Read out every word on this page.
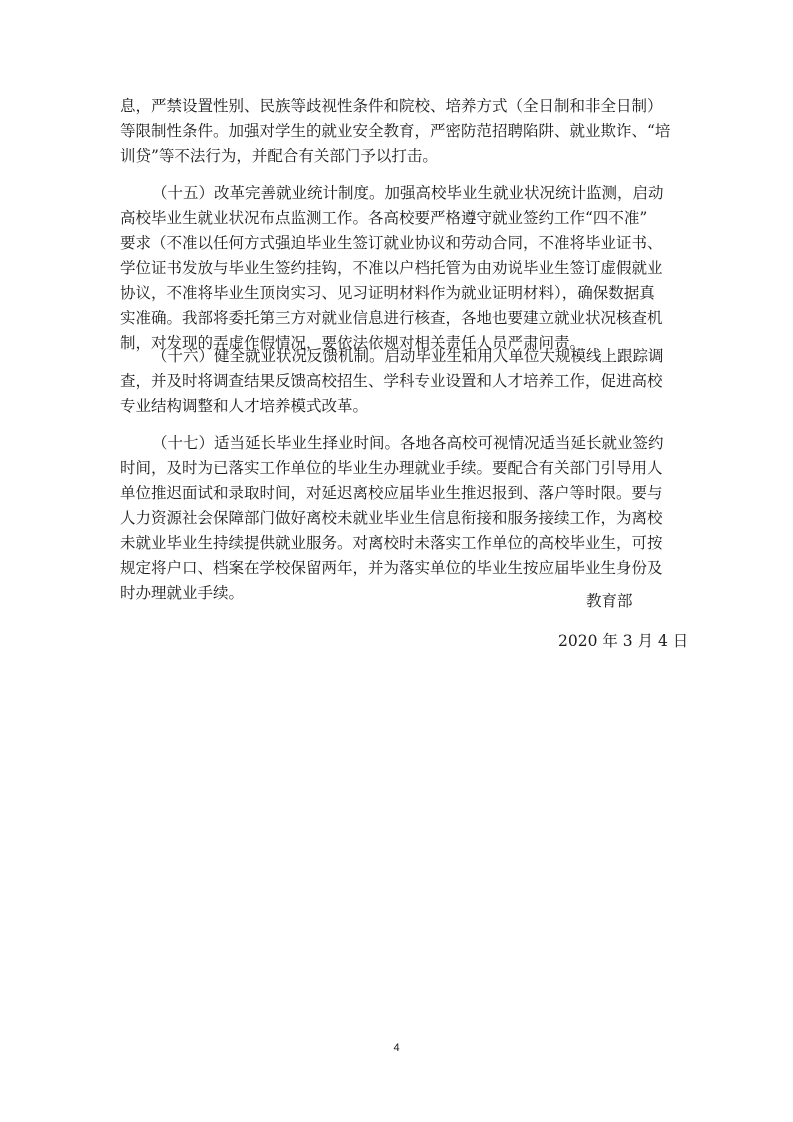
息，严禁设置性别、民族等歧视性条件和院校、培养方式（全日制和非全日制）
等限制性条件。加强对学生的就业安全教育，严密防范招聘陷阱、就业欺诈、“培
训贷”等不法行为，并配合有关部门予以打击。
（十五）改革完善就业统计制度。加强高校毕业生就业状况统计监测，启动
高校毕业生就业状况布点监测工作。各高校要严格遵守就业签约工作“四不准”
要求（不准以任何方式强迫毕业生签订就业协议和劳动合同，不准将毕业证书、
学位证书发放与毕业生签约挂钩，不准以户档托管为由劝说毕业生签订虚假就业
协议，不准将毕业生顶岗实习、见习证明材料作为就业证明材料），确保数据真
实准确。我部将委托第三方对就业信息进行核查，各地也要建立就业状况核查机
制，对发现的弄虚作假情况，要依法依规对相关责任人员严肃问责。
（十六）健全就业状况反馈机制。启动毕业生和用人单位大规模线上跟踪调
查，并及时将调查结果反馈高校招生、学科专业设置和人才培养工作，促进高校
专业结构调整和人才培养模式改革。
（十七）适当延长毕业生择业时间。各地各高校可视情况适当延长就业签约
时间，及时为已落实工作单位的毕业生办理就业手续。要配合有关部门引导用人
单位推迟面试和录取时间，对延迟离校应届毕业生推迟报到、落户等时限。要与
人力资源社会保障部门做好离校未就业毕业生信息衔接和服务接续工作，为离校
未就业毕业生持续提供就业服务。对离校时未落实工作单位的高校毕业生，可按
规定将户口、档案在学校保留两年，并为落实单位的毕业生按应届毕业生身份及
时办理就业手续。	教育部
2020 年 3 月 4 日
4
